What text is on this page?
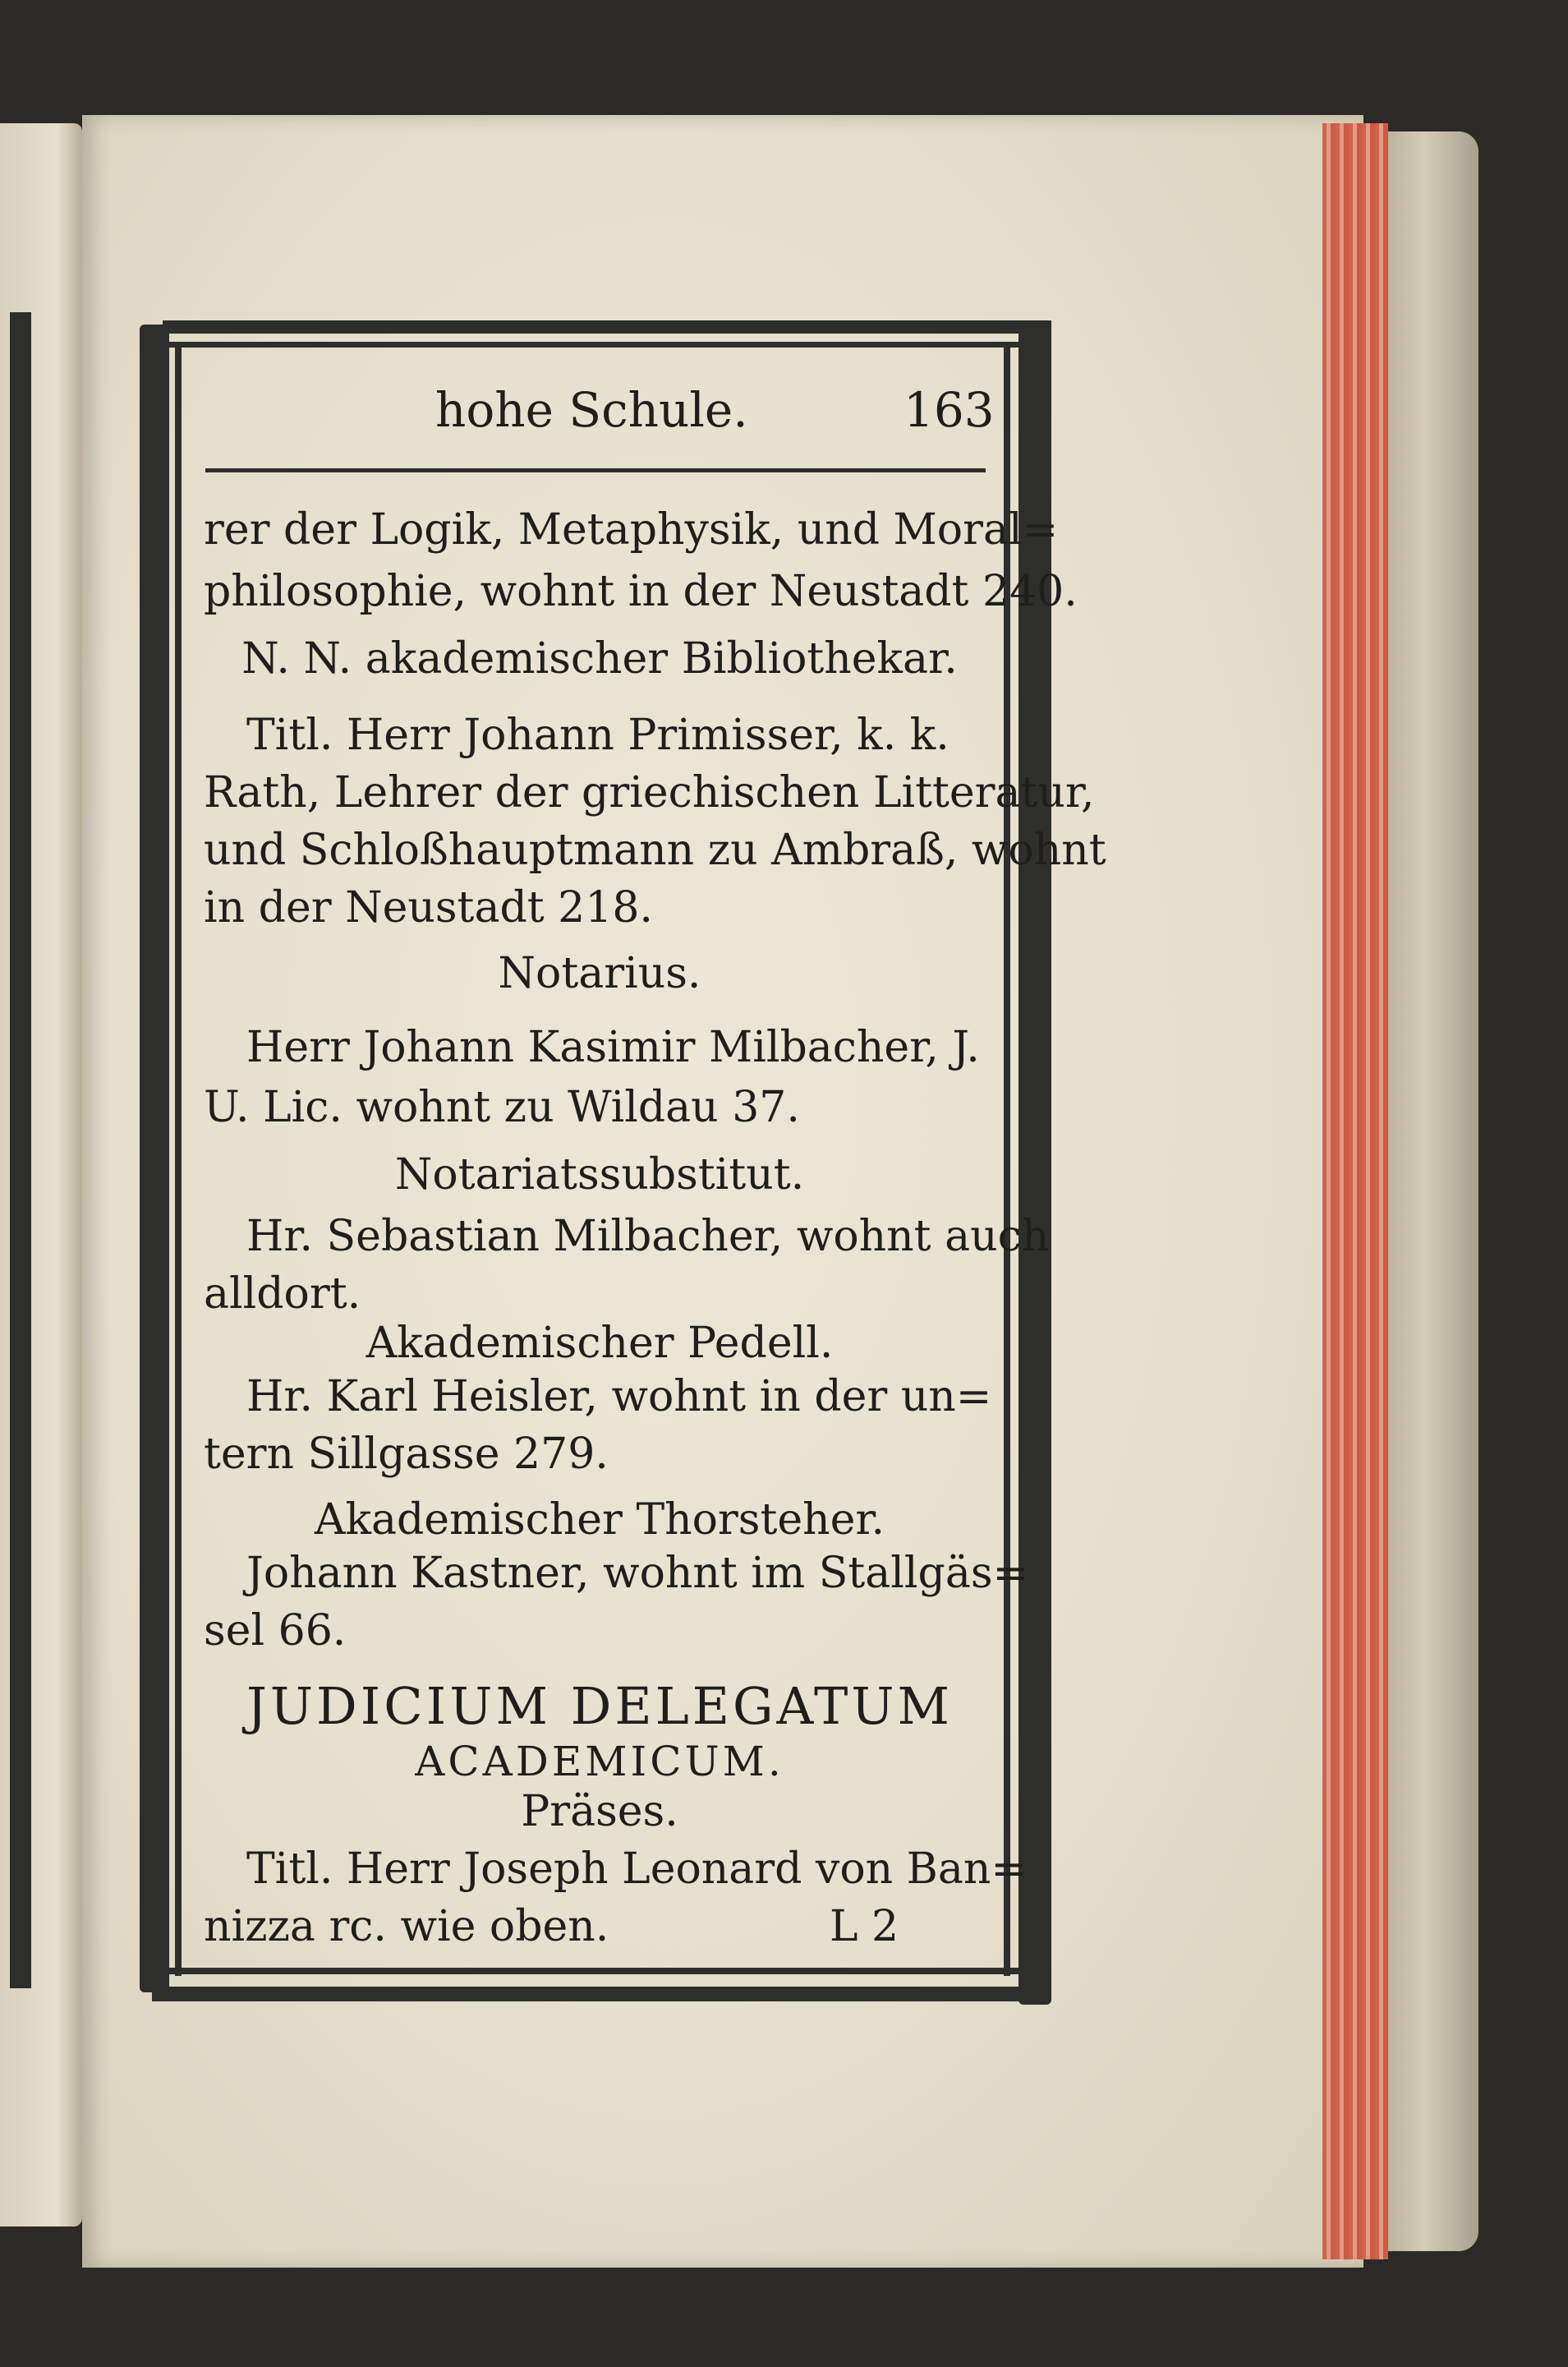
hohe Schule.	163
rer der Logik, Metaphysik, und Moral=
philosophie, wohnt in der Neustadt 240.
N. N. akademischer Bibliothekar.
Titl. Herr Johann Primisser, k. k.
Rath, Lehrer der griechischen Litteratur,
und Schloßhauptmann zu Ambraß, wohnt
in der Neustadt 218.
Notarius.
Herr Johann Kasimir Milbacher, J.
U. Lic. wohnt zu Wildau 37.
Notariatssubstitut.
Hr. Sebastian Milbacher, wohnt auch
alldort.
Akademischer Pedell.
Hr. Karl Heisler, wohnt in der un=
tern Sillgasse 279.
Akademischer Thorsteher.
Johann Kastner, wohnt im Stallgäs=
sel 66.
JUDICIUM DELEGATUM
ACADEMICUM.
Präses.
Titl. Herr Joseph Leonard von Ban=
nizza rc. wie oben.	L 2
